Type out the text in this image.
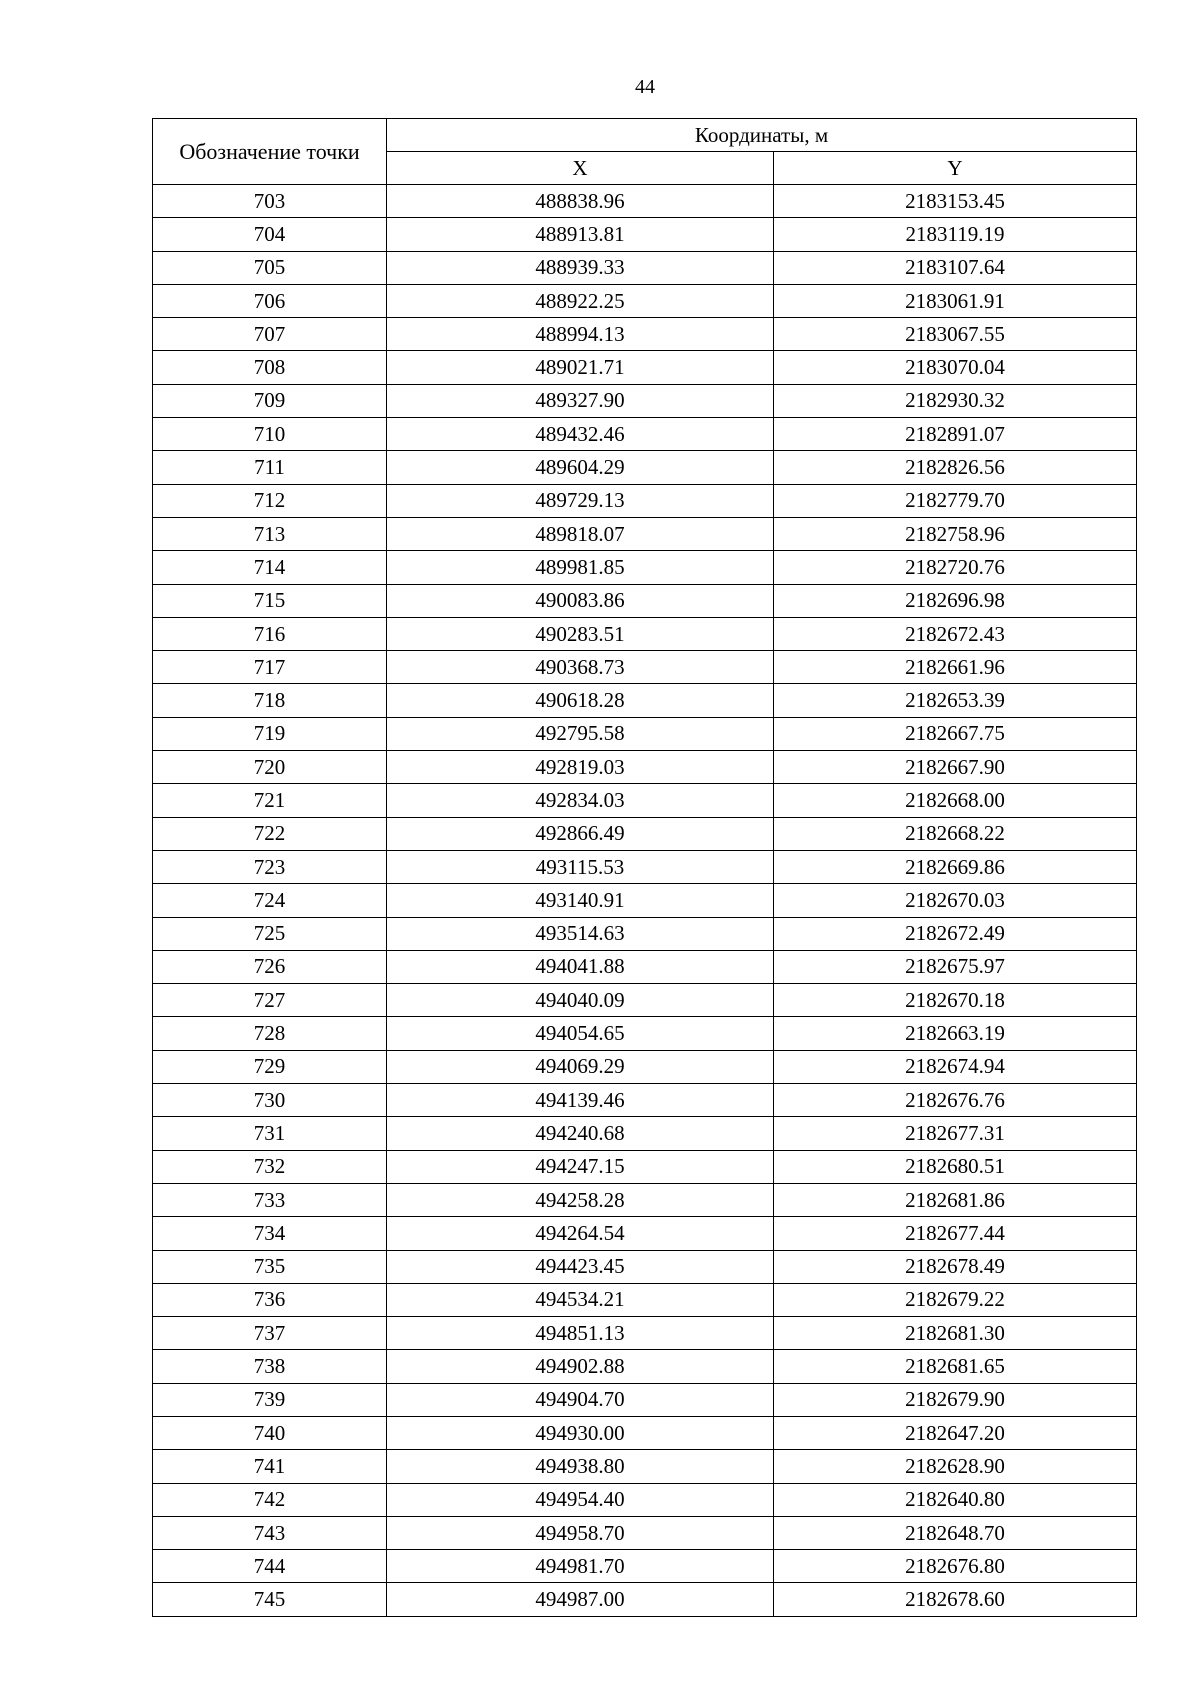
44
Обозначение точки	Координаты, м	
	X	Y
703	488838.96	2183153.45
704	488913.81	2183119.19
705	488939.33	2183107.64
706	488922.25	2183061.91
707	488994.13	2183067.55
708	489021.71	2183070.04
709	489327.90	2182930.32
710	489432.46	2182891.07
711	489604.29	2182826.56
712	489729.13	2182779.70
713	489818.07	2182758.96
714	489981.85	2182720.76
715	490083.86	2182696.98
716	490283.51	2182672.43
717	490368.73	2182661.96
718	490618.28	2182653.39
719	492795.58	2182667.75
720	492819.03	2182667.90
721	492834.03	2182668.00
722	492866.49	2182668.22
723	493115.53	2182669.86
724	493140.91	2182670.03
725	493514.63	2182672.49
726	494041.88	2182675.97
727	494040.09	2182670.18
728	494054.65	2182663.19
729	494069.29	2182674.94
730	494139.46	2182676.76
731	494240.68	2182677.31
732	494247.15	2182680.51
733	494258.28	2182681.86
734	494264.54	2182677.44
735	494423.45	2182678.49
736	494534.21	2182679.22
737	494851.13	2182681.30
738	494902.88	2182681.65
739	494904.70	2182679.90
740	494930.00	2182647.20
741	494938.80	2182628.90
742	494954.40	2182640.80
743	494958.70	2182648.70
744	494981.70	2182676.80
745	494987.00	2182678.60
